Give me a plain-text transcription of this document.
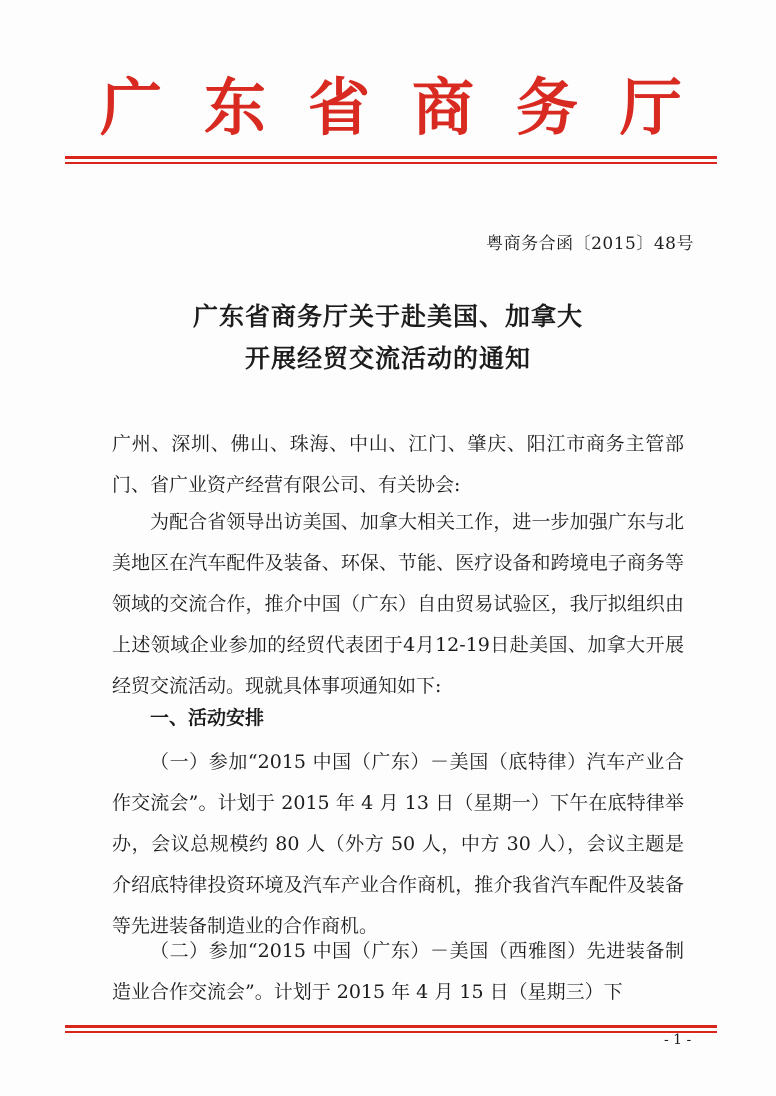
广 东 省 商 务 厅
粤商务合函〔2015〕48号
广东省商务厅关于赴美国、加拿大
开展经贸交流活动的通知
广州、深圳、佛山、珠海、中山、江门、肇庆、阳江市商务主管部门、省广业资产经营有限公司、有关协会:
为配合省领导出访美国、加拿大相关工作，进一步加强广东与北美地区在汽车配件及装备、环保、节能、医疗设备和跨境电子商务等领域的交流合作，推介中国（广东）自由贸易试验区，我厅拟组织由上述领域企业参加的经贸代表团于4月12-19日赴美国、加拿大开展经贸交流活动。现就具体事项通知如下:
一、活动安排
（一）参加“2015 中国（广东）－美国（底特律）汽车产业合作交流会”。计划于 2015 年 4 月 13 日（星期一）下午在底特律举办，会议总规模约 80 人（外方 50 人，中方 30 人），会议主题是介绍底特律投资环境及汽车产业合作商机，推介我省汽车配件及装备等先进装备制造业的合作商机。
（二）参加“2015 中国（广东）－美国（西雅图）先进装备制造业合作交流会”。计划于 2015 年 4 月 15 日（星期三）下
- 1 -
